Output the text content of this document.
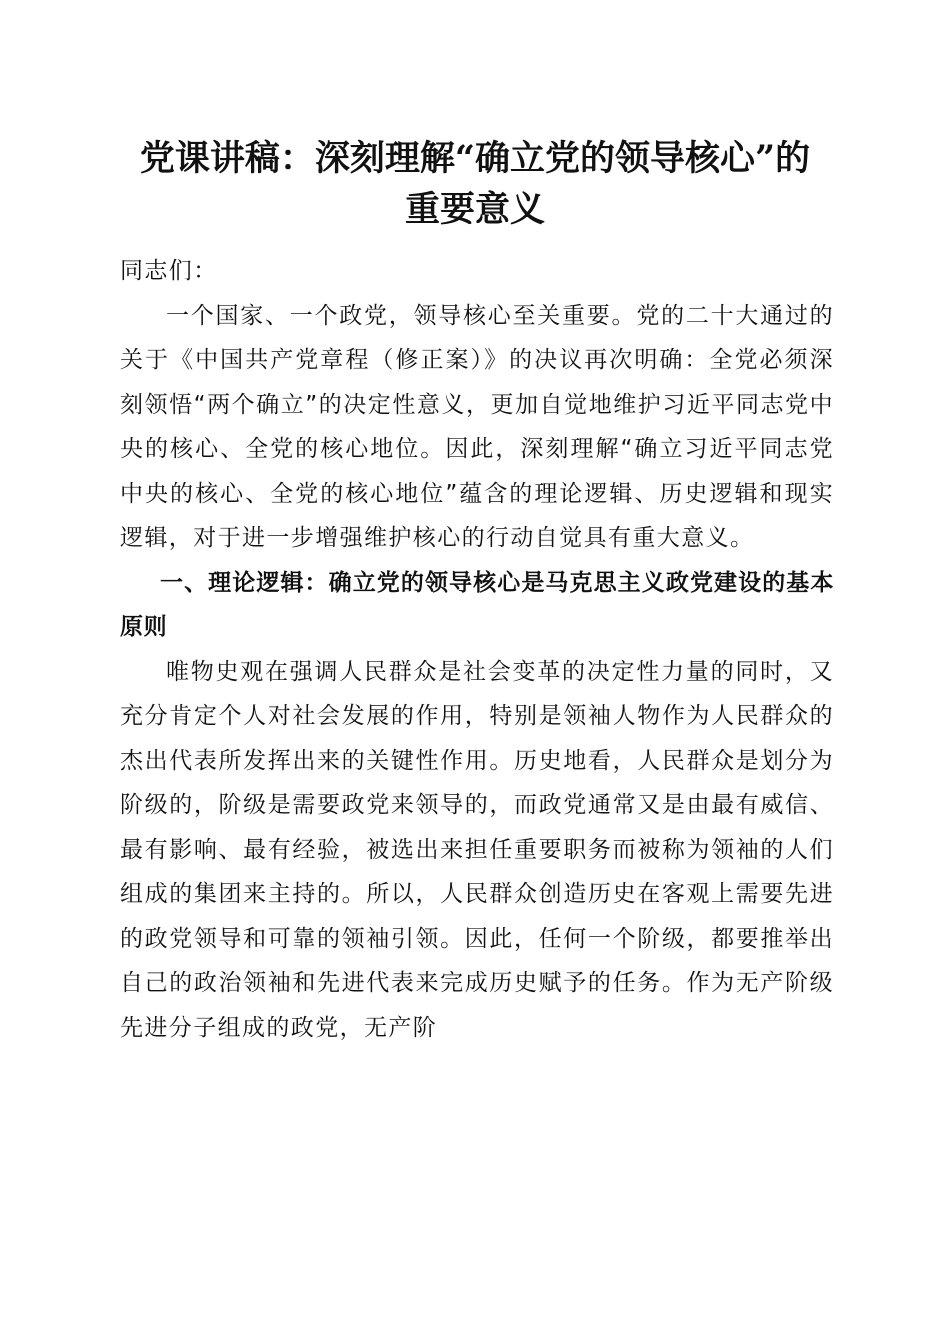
党课讲稿：深刻理解“确立党的领导核心”的
重要意义

同志们：

一个国家、一个政党，领导核心至关重要。党的二十大通过的关于《中国共产党章程（修正案）》的决议再次明确：全党必须深刻领悟“两个确立”的决定性意义，更加自觉地维护习近平同志党中央的核心、全党的核心地位。因此，深刻理解“确立习近平同志党中央的核心、全党的核心地位”蕴含的理论逻辑、历史逻辑和现实逻辑，对于进一步增强维护核心的行动自觉具有重大意义。

一、理论逻辑：确立党的领导核心是马克思主义政党建设的基本原则

唯物史观在强调人民群众是社会变革的决定性力量的同时，又充分肯定个人对社会发展的作用，特别是领袖人物作为人民群众的杰出代表所发挥出来的关键性作用。历史地看，人民群众是划分为阶级的，阶级是需要政党来领导的，而政党通常又是由最有威信、最有影响、最有经验，被选出来担任重要职务而被称为领袖的人们组成的集团来主持的。所以，人民群众创造历史在客观上需要先进的政党领导和可靠的领袖引领。因此，任何一个阶级，都要推举出自己的政治领袖和先进代表来完成历史赋予的任务。作为无产阶级先进分子组成的政党，无产阶
